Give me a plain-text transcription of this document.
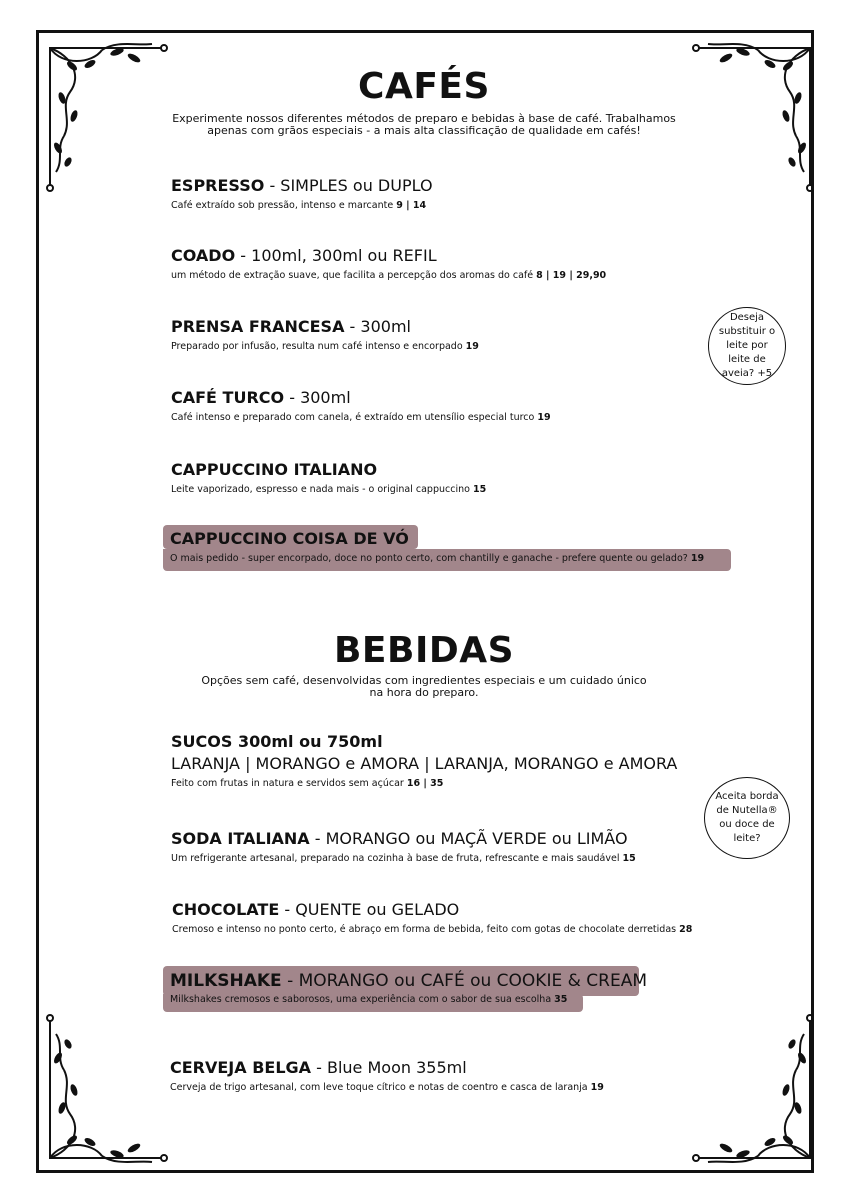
CAFÉS

Experimente nossos diferentes métodos de preparo e bebidas à base de café. Trabalhamos
apenas com grãos especiais - a mais alta classificação de qualidade em cafés!

ESPRESSO - SIMPLES ou DUPLO
Café extraído sob pressão, intenso e marcante 9 | 14
COADO - 100ml, 300ml ou REFIL
um método de extração suave, que facilita a percepção dos aromas do café 8 | 19 | 29,90
PRENSA FRANCESA - 300ml
Preparado por infusão, resulta num café intenso e encorpado 19
CAFÉ TURCO - 300ml
Café intenso e preparado com canela, é extraído em utensílio especial turco 19
CAPPUCCINO ITALIANO
Leite vaporizado, espresso e nada mais - o original cappuccino 15
CAPPUCCINO COISA DE VÓ
O mais pedido - super encorpado, doce no ponto certo, com chantilly e ganache - prefere quente ou gelado? 19
Deseja substituir o leite por leite de aveia? +5
BEBIDAS

Opções sem café, desenvolvidas com ingredientes especiais e um cuidado único
na hora do preparo.

SUCOS 300ml ou 750ml
LARANJA | MORANGO e AMORA | LARANJA, MORANGO e AMORA
Feito com frutas in natura e servidos sem açúcar 16 | 35
SODA ITALIANA - MORANGO ou MAÇÃ VERDE ou LIMÃO
Um refrigerante artesanal, preparado na cozinha à base de fruta, refrescante e mais saudável 15
CHOCOLATE - QUENTE ou GELADO
Cremoso e intenso no ponto certo, é abraço em forma de bebida, feito com gotas de chocolate derretidas 28
MILKSHAKE - MORANGO ou CAFÉ ou COOKIE & CREAM
Milkshakes cremosos e saborosos, uma experiência com o sabor de sua escolha 35
CERVEJA BELGA - Blue Moon 355ml
Cerveja de trigo artesanal, com leve toque cítrico e notas de coentro e casca de laranja 19
Aceita borda de Nutella® ou doce de leite?
